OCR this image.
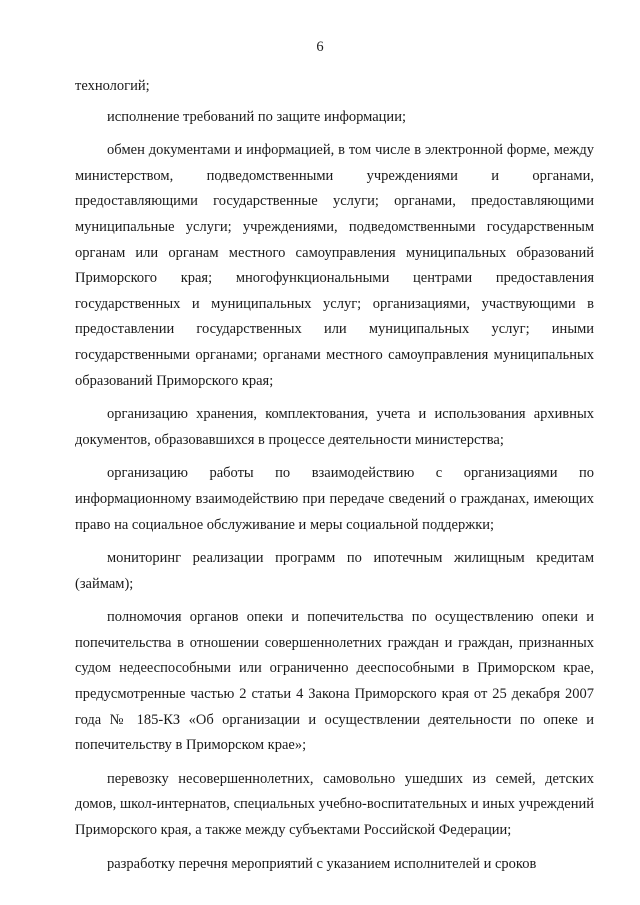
6

технологий;

исполнение требований по защите информации;

обмен документами и информацией, в том числе в электронной форме, между министерством, подведомственными учреждениями и органами, предоставляющими государственные услуги; органами, предоставляющими муниципальные услуги; учреждениями, подведомственными государственным органам или органам местного самоуправления муниципальных образований Приморского края; многофункциональными центрами предоставления государственных и муниципальных услуг; организациями, участвующими в предоставлении государственных или муниципальных услуг; иными государственными органами; органами местного самоуправления муниципальных образований Приморского края;

организацию хранения, комплектования, учета и использования архивных документов, образовавшихся в процессе деятельности министерства;

организацию работы по взаимодействию с организациями по информационному взаимодействию при передаче сведений о гражданах, имеющих право на социальное обслуживание и меры социальной поддержки;

мониторинг реализации программ по ипотечным жилищным кредитам (займам);

полномочия органов опеки и попечительства по осуществлению опеки и попечительства в отношении совершеннолетних граждан и граждан, признанных судом недееспособными или ограниченно дееспособными в Приморском крае, предусмотренные частью 2 статьи 4 Закона Приморского края от 25 декабря 2007 года № 185-КЗ «Об организации и осуществлении деятельности по опеке и попечительству в Приморском крае»;

перевозку несовершеннолетних, самовольно ушедших из семей, детских домов, школ-интернатов, специальных учебно-воспитательных и иных учреждений Приморского края, а также между субъектами Российской Федерации;

разработку перечня мероприятий с указанием исполнителей и сроков
